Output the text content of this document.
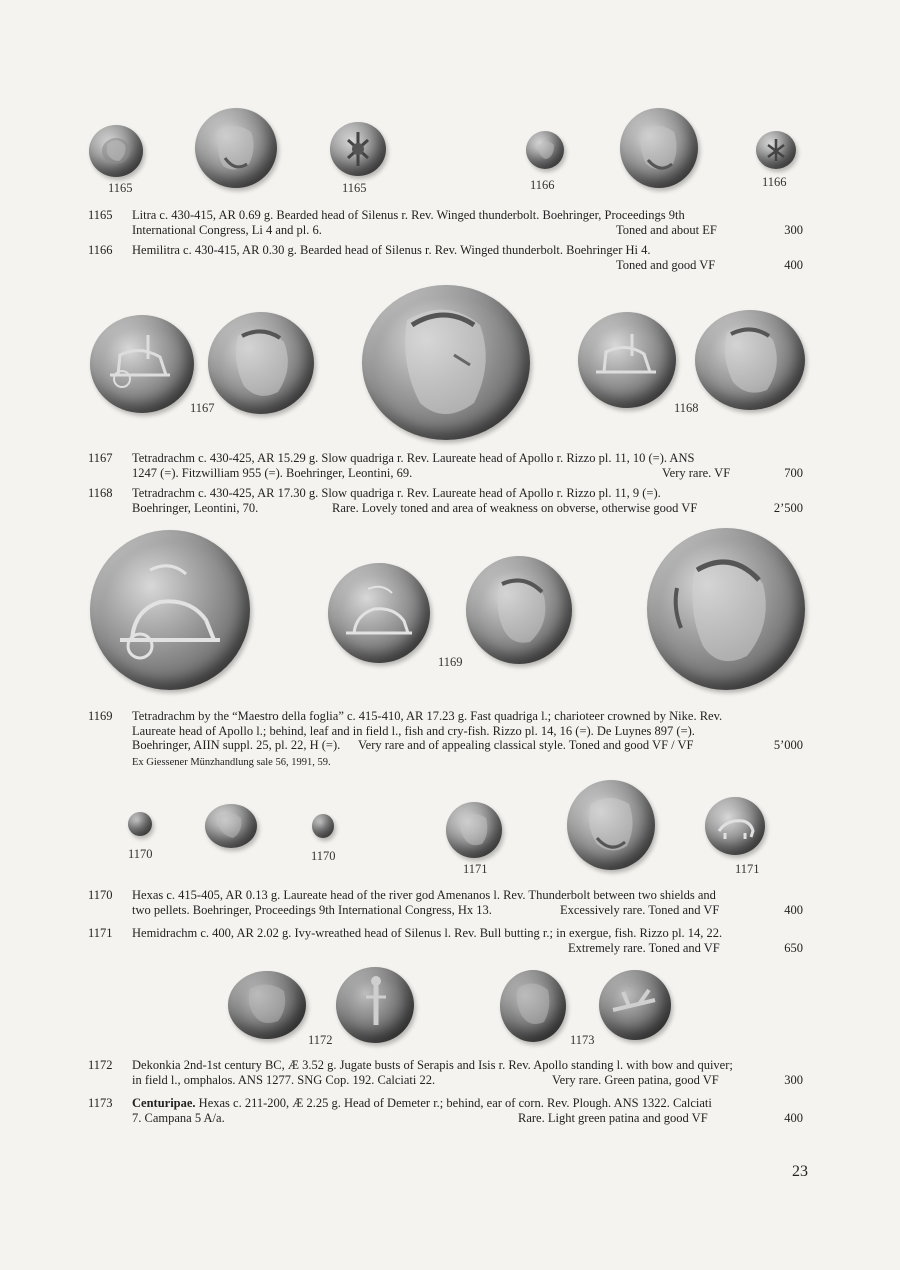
1165	1165	1166	1166
1165	Litra c. 430-415, AR 0.69 g. Bearded head of Silenus r. Rev. Winged thunderbolt. Boehringer, Proceedings 9th
International Congress, Li 4 and pl. 6.	Toned and about EF	300
1166	Hemilitra c. 430-415, AR 0.30 g. Bearded head of Silenus r. Rev. Winged thunderbolt. Boehringer Hi 4.
Toned and good VF	400
1167	1168
1167	Tetradrachm c. 430-425, AR 15.29 g. Slow quadriga r. Rev. Laureate head of Apollo r. Rizzo pl. 11, 10 (=). ANS
1247 (=). Fitzwilliam 955 (=). Boehringer, Leontini, 69.	Very rare. VF	700
1168	Tetradrachm c. 430-425, AR 17.30 g. Slow quadriga r. Rev. Laureate head of Apollo r. Rizzo pl. 11, 9 (=).
Boehringer, Leontini, 70.	Rare. Lovely toned and area of weakness on obverse, otherwise good VF	2’500
1169
1169	Tetradrachm by the “Maestro della foglia” c. 415-410, AR 17.23 g. Fast quadriga l.; charioteer crowned by Nike. Rev.
Laureate head of Apollo l.; behind, leaf and in field l., fish and cry-fish. Rizzo pl. 14, 16 (=). De Luynes 897 (=).
Boehringer, AIIN suppl. 25, pl. 22, H (=). Very rare and of appealing classical style. Toned and good VF / VF	5’000
Ex Giessener Münzhandlung sale 56, 1991, 59.
1170	1170
1171	1171
1170	Hexas c. 415-405, AR 0.13 g. Laureate head of the river god Amenanos l. Rev. Thunderbolt between two shields and
two pellets. Boehringer, Proceedings 9th International Congress, Hx 13.	Excessively rare. Toned and VF	400
1171	Hemidrachm c. 400, AR 2.02 g. Ivy-wreathed head of Silenus l. Rev. Bull butting r.; in exergue, fish. Rizzo pl. 14, 22.
Extremely rare. Toned and VF	650
1172	1173
1172	Dekonkia 2nd-1st century BC, Æ 3.52 g. Jugate busts of Serapis and Isis r. Rev. Apollo standing l. with bow and quiver;
in field l., omphalos. ANS 1277. SNG Cop. 192. Calciati 22.	Very rare. Green patina, good VF	300
1173	Centuripae. Hexas c. 211-200, Æ 2.25 g. Head of Demeter r.; behind, ear of corn. Rev. Plough. ANS 1322. Calciati
7. Campana 5 A/a.	Rare. Light green patina and good VF	400
23
